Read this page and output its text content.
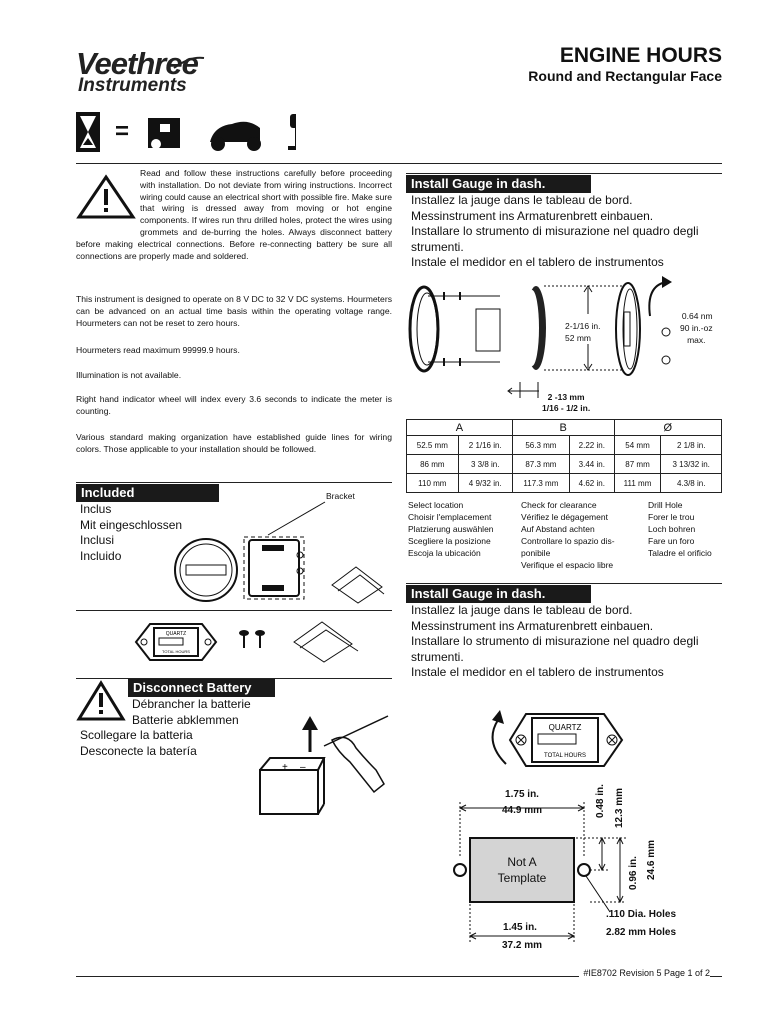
Veethree
Instruments
ENGINE HOURS
Round and Rectangular Face
=
Read and follow these instructions carefully before proceeding with installation. Do not deviate from wiring instructions. Incorrect wiring could cause an electrical short with possible fire. Make sure that wiring is dressed away from moving or hot engine components. If wires run thru drilled holes, protect the wires using grommets and de-burring the holes. Always disconnect battery before making electrical connections. Before re-connecting battery be sure all connections are properly made and soldered.
This instrument is designed to operate on 8 V DC to 32 V DC systems. Hourmeters can be advanced on an actual time basis within the operating voltage range. Hourmeters can not be reset to zero hours.
Hourmeters read maximum 99999.9 hours.
Illumination is not available.
Right hand indicator wheel will index every 3.6 seconds to indicate the meter is counting.
Various standard making organization have established guide lines for wiring colors. Those applicable to your installation should be followed.
Included
Inclus
Mit eingeschlossen
Inclusi
Incluido
Bracket
QUARTZ
TOTAL HOURS
Disconnect Battery
Débrancher la batterie
Batterie abklemmen
Scollegare la batteria
Desconecte la batería
+ –
Install Gauge in dash.
Installez la jauge dans le tableau de bord.
Messinstrument ins Armaturenbrett einbauen.
Installare lo strumento di misurazione nel quadro degli strumenti.
Instale el medidor en el tablero de instrumentos
2-1/16 in.
52 mm
0.64 nm
90 in.-oz
max.
2 -13 mm
1/16 - 1/2 in.
A		B		Ø	
52.5 mm	2 1/16 in.	56.3 mm	2.22 in.	54 mm	2 1/8 in.
86 mm	3 3/8 in.	87.3 mm	3.44 in.	87 mm	3 13/32 in.
110 mm	4 9/32 in.	117.3 mm	4.62 in.	111 mm	4.3/8 in.
Select location
Choisir l'emplacement
Platzierung auswählen
Scegliere la posizione
Escoja la ubicación
Check for clearance
Vérifiez le dégagement
Auf Abstand achten
Controllare lo spazio dis-
ponibile
Verifique el espacio libre
Drill Hole
Forer le trou
Loch bohren
Fare un foro
Taladre el orificio
Install Gauge in dash.
Installez la jauge dans le tableau de bord.
Messinstrument ins Armaturenbrett einbauen.
Installare lo strumento di misurazione nel quadro degli strumenti.
Instale el medidor en el tablero de instrumentos
QUARTZ
TOTAL HOURS
1.75 in.
44.9 mm
Not A
Template
0.48 in. 12.3 mm
0.96 in. 24.6 mm
1.45 in.
37.2 mm
.110 Dia. Holes
2.82 mm Holes
#IE8702 Revision 5 Page 1 of 2
